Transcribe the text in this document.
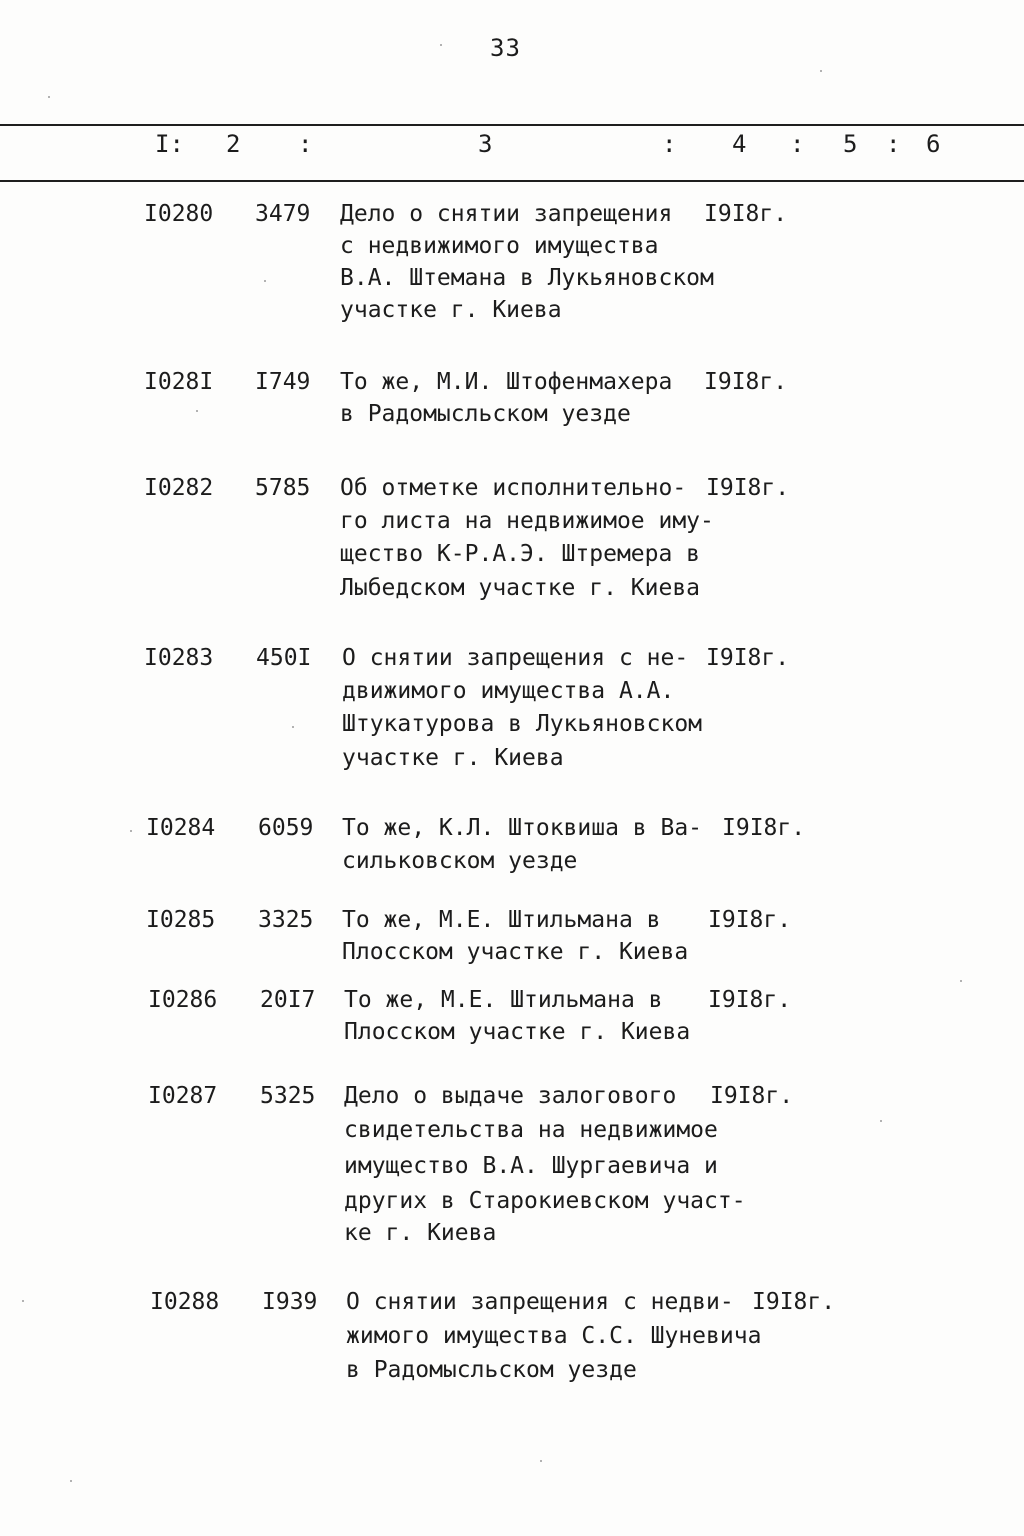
33
I: 2 :	3	: 4 : 5 : 6
I0280 3479 Дело о снятии запрещения
с недвижимого имущества
В.А. Штемана в Лукьяновском
участке г. Киева
I9I8г.
I028I I749 То же, М.И. Штофенмахера
в Радомысльском уезде
I9I8г.
I0282 5785 Об отметке исполнительно-
го листа на недвижимое иму-
щество К-Р.А.Э. Штремера в
Лыбедском участке г. Киева
I9I8г.
I0283 450I О снятии запрещения с не-
движимого имущества А.А.
Штукатурова в Лукьяновском
участке г. Киева
I9I8г.
I0284 6059 То же, К.Л. Штоквиша в Ва-
сильковском уезде
I9I8г.
I0285 3325 То же, М.Е. Штильмана в
Плосском участке г. Киева
I9I8г.
I0286 20I7 То же, М.Е. Штильмана в
Плосском участке г. Киева
I9I8г.
I0287 5325 Дело о выдаче залогового
свидетельства на недвижимое
имущество В.А. Шургаевича и
других в Старокиевском участ-
ке г. Киева
I9I8г.
I0288 I939 О снятии запрещения с недви-
жимого имущества С.С. Шуневича
в Радомысльском уезде
I9I8г.
